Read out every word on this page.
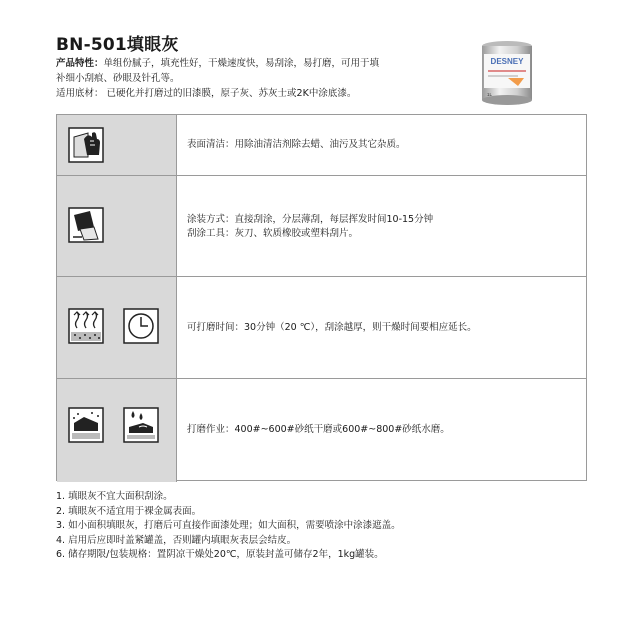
BN-501填眼灰
产品特性：单组份腻子，填充性好，干燥速度快，易刮涂，易打磨，可用于填
补细小刮痕、砂眼及针孔等。
适用底材： 已硬化并打磨过的旧漆膜，原子灰、苏灰士或2K中涂底漆。
DESNEY
1L
表面清洁：用除油清洁剂除去蜡、油污及其它杂质。
涂装方式：直接刮涂，分层薄刮，每层挥发时间10-15分钟
刮涂工具：灰刀、软质橡胶或塑料刮片。
可打磨时间：30分钟（20 ℃），刮涂越厚，则干燥时间要相应延长。
打磨作业：400#~600#砂纸干磨或600#~800#砂纸水磨。
1. 填眼灰不宜大面积刮涂。
2. 填眼灰不适宜用于裸金属表面。
3. 如小面积填眼灰，打磨后可直接作面漆处理；如大面积，需要喷涂中涂漆遮盖。
4. 启用后应即时盖紧罐盖，否则罐内填眼灰表层会结皮。
6. 储存期限/包装规格：置阴凉干燥处20℃，原装封盖可储存2年，1kg罐装。
